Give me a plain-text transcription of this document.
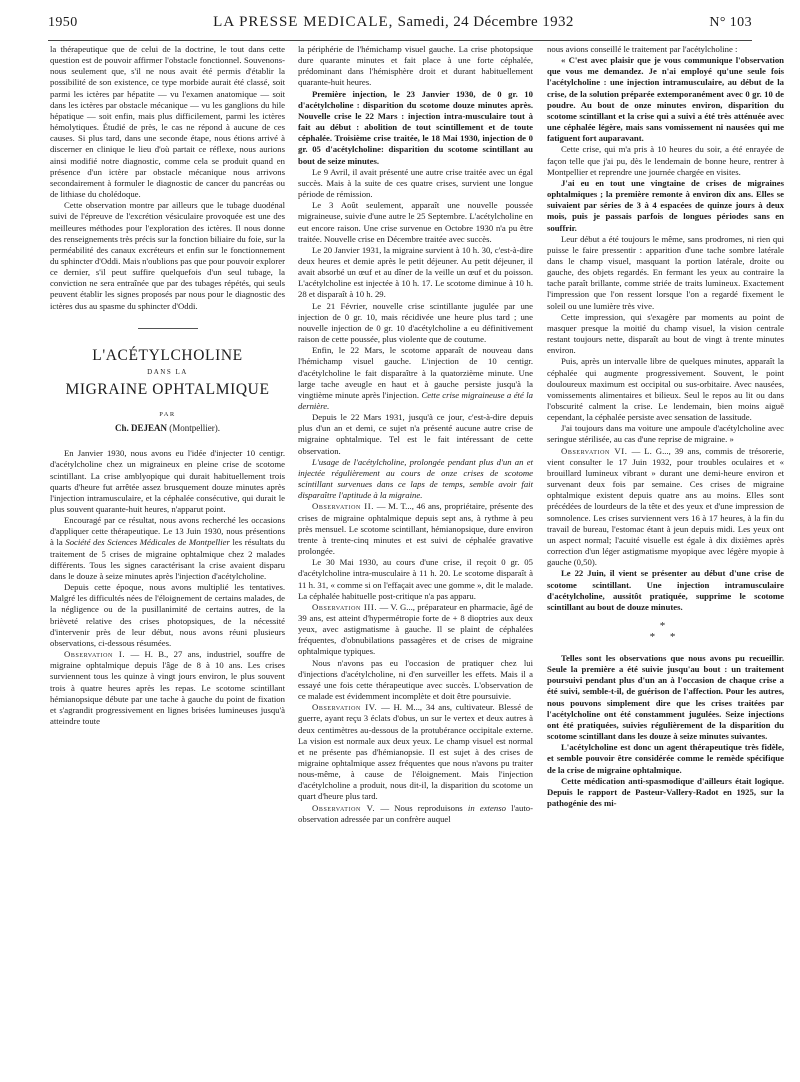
1950	LA PRESSE MEDICALE, Samedi, 24 Décembre 1932	N° 103

la thérapeutique que de celui de la doctrine, le tout dans cette question est de pouvoir affirmer l'obstacle fonctionnel. Souvenons-nous seulement que, s'il ne nous avait été permis d'établir la possibilité de son existence, ce type morbide aurait été classé, soit parmi les ictères par hépatite — vu l'examen anatomique — soit dans les ictères par obstacle mécanique — vu les ganglions du hile hépatique — soit enfin, mais plus difficilement, parmi les ictères hémolytiques. Étudié de près, le cas ne répond à aucune de ces causes. Si plus tard, dans une seconde étape, nous étions arrivé à discerner en clinique le lieu d'où partait ce réflexe, nous aurions ainsi modifié notre diagnostic, comme cela se produit quand en présence d'un ictère par obstacle mécanique nous arrivons secondairement à formuler le diagnostic de cancer du pancréas ou de lithiase du cholédoque.

Cette observation montre par ailleurs que le tubage duodénal suivi de l'épreuve de l'excrétion vésiculaire provoquée est une des meilleures méthodes pour l'exploration des ictères. Il nous donne des renseignements très précis sur la fonction biliaire du foie, sur la perméabilité des canaux excréteurs et enfin sur le fonctionnement du sphincter d'Oddi. Mais n'oublions pas que pour pouvoir explorer ce dernier, s'il peut suffire quelquefois d'un seul tubage, la conviction ne sera entraînée que par des tubages répétés, qui seuls peuvent établir les signes proposés par nous pour le diagnostic des ictères dus au spasme du sphincter d'Oddi.

L'ACÉTYLCHOLINE
DANS LA
MIGRAINE OPHTALMIQUE
PAR
Ch. DEJEAN (Montpellier).

En Janvier 1930, nous avons eu l'idée d'injecter 10 centigr. d'acétylcholine chez un migraineux en pleine crise de scotome scintillant. La crise amblyopique qui durait habituellement trois quarts d'heure fut arrêtée assez brusquement douze minutes après l'injection intramusculaire, et la céphalée consécutive, qui durait le plus souvent quarante-huit heures, n'apparut point.

Encouragé par ce résultat, nous avons recherché les occasions d'appliquer cette thérapeutique. Le 13 Juin 1930, nous présentions à la Société des Sciences Médicales de Montpellier les résultats du traitement de 5 crises de migraine ophtalmique chez 2 malades différents. Tous les signes caractérisant la crise avaient disparu dans le douze à seize minutes après l'injection d'acétylcholine.

Depuis cette époque, nous avons multiplié les tentatives. Malgré les difficultés nées de l'éloignement de certains malades, de la négligence ou de la pusillanimité de certains autres, de la brièveté relative des crises photopsiques, de la nécessité d'intervenir près de leur début, nous avons réuni plusieurs observations, ci-dessous résumées.

Observation I. — H. B., 27 ans, industriel, souffre de migraine ophtalmique depuis l'âge de 8 à 10 ans. Les crises surviennent tous les quinze à vingt jours environ, le plus souvent trois à quatre heures après les repas. Le scotome scintillant hémianopsique débute par une tache à gauche du point de fixation et s'agrandit progressivement en lignes brisées lumineuses jusqu'à atteindre toute

la périphérie de l'hémichamp visuel gauche. La crise photopsique dure quarante minutes et fait place à une forte céphalée, prédominant dans l'hémisphère droit et durant habituellement quarante-huit heures.

Première injection, le 23 Janvier 1930, de 0 gr. 10 d'acétylcholine : disparition du scotome douze minutes après. Nouvelle crise le 22 Mars : injection intra-musculaire tout à fait au début : abolition de tout scintillement et de toute céphalée. Troisième crise traitée, le 18 Mai 1930, injection de 0 gr. 05 d'acétylcholine: disparition du scotome scintillant au bout de seize minutes.

Le 9 Avril, il avait présenté une autre crise traitée avec un égal succès. Mais à la suite de ces quatre crises, survient une longue période de rémission.

Le 3 Août seulement, apparaît une nouvelle poussée migraineuse, suivie d'une autre le 25 Septembre. L'acétylcholine en eut encore raison. Une crise survenue en Octobre 1930 n'a pu être traitée. Nouvelle crise en Décembre traitée avec succès.

Le 20 Janvier 1931, la migraine survient à 10 h. 30, c'est-à-dire deux heures et demie après le petit déjeuner. Au petit déjeuner, il avait absorbé un œuf et au dîner de la veille un œuf et du poisson. L'acétylcholine est injectée à 10 h. 17. Le scotome diminue à 10 h. 28 et disparaît à 10 h. 29.

Le 21 Février, nouvelle crise scintillante jugulée par une injection de 0 gr. 10, mais récidivée une heure plus tard ; une nouvelle injection de 0 gr. 10 d'acétylcholine a eu définitivement raison de cette poussée, plus violente que de coutume.

Enfin, le 22 Mars, le scotome apparaît de nouveau dans l'hémichamp visuel gauche. L'injection de 10 centigr. d'acétylcholine le fait disparaître à la quatorzième minute. Une large tache aveugle en haut et à gauche persiste jusqu'à la vingtième minute après l'injection. Cette crise migraineuse a été la dernière.

Depuis le 22 Mars 1931, jusqu'à ce jour, c'est-à-dire depuis plus d'un an et demi, ce sujet n'a présenté aucune autre crise de migraine ophtalmique. Tel est le fait intéressant de cette observation.

L'usage de l'acétylcholine, prolongée pendant plus d'un an et injectée régulièrement au cours de onze crises de scotome scintillant survenues dans ce laps de temps, semble avoir fait disparaître l'aptitude à la migraine.

Observation II. — M. T..., 46 ans, propriétaire, présente des crises de migraine ophtalmique depuis sept ans, à rythme à peu près mensuel. Le scotome scintillant, hémianopsique, dure environ trente à trente-cinq minutes et est suivi de céphalée gravative prolongée.

Le 30 Mai 1930, au cours d'une crise, il reçoit 0 gr. 05 d'acétylcholine intra-musculaire à 11 h. 20. Le scotome disparaît à 11 h. 31, « comme si on l'effaçait avec une gomme », dit le malade. La céphalée habituelle post-critique n'a pas apparu.

Observation III. — V. G..., préparateur en pharmacie, âgé de 39 ans, est atteint d'hypermétropie forte de + 8 dioptries aux deux yeux, avec astigmatisme à gauche. Il se plaint de céphalées fréquentes, d'obnubilations passagères et de crises de migraine ophtalmique typiques.

Nous n'avons pas eu l'occasion de pratiquer chez lui d'injections d'acétylcholine, ni d'en surveiller les effets. Mais il a essayé une fois cette thérapeutique avec succès. L'observation de ce malade est évidemment incomplète et doit être poursuivie.

Observation IV. — H. M..., 34 ans, cultivateur. Blessé de guerre, ayant reçu 3 éclats d'obus, un sur le vertex et deux autres à deux centimètres au-dessous de la protubérance occipitale externe. La vision est normale aux deux yeux. Le champ visuel est normal et ne présente pas d'hémianopsie. Il est sujet à des crises de migraine ophtalmique assez fréquentes que nous n'avons pu traiter nous-même, à cause de l'éloignement. Mais l'injection d'acétylcholine a produit, nous dit-il, la disparition du scotome un quart d'heure plus tard.

Observation V. — Nous reproduisons in extenso l'auto-observation adressée par un confrère auquel

nous avions conseillé le traitement par l'acétylcholine :

« C'est avec plaisir que je vous communique l'observation que vous me demandez. Je n'ai employé qu'une seule fois l'acétylcholine : une injection intramusculaire, au début de la crise, de la solution préparée extemporanément avec 0 gr. 10 de poudre. Au bout de onze minutes environ, disparition du scotome scintillant et la crise qui a suivi a été très atténuée avec une céphalée légère, mais sans vomissement ni nausées qui me fatiguent fort auparavant.

Cette crise, qui m'a pris à 10 heures du soir, a été enrayée de façon telle que j'ai pu, dès le lendemain de bonne heure, rentrer à Montpellier et reprendre une journée chargée en visites.

J'ai eu en tout une vingtaine de crises de migraines ophtalmiques ; la première remonte à environ dix ans. Elles se suivaient par séries de 3 à 4 espacées de quinze jours à deux mois, puis je passais parfois de longues périodes sans en souffrir.

Leur début a été toujours le même, sans prodromes, ni rien qui puisse le faire pressentir : apparition d'une tache sombre latérale dans le champ visuel, masquant la portion latérale, droite ou gauche, des objets regardés. En fermant les yeux au contraire la tache paraît brillante, comme striée de traits lumineux. Exactement l'impression que l'on ressent lorsque l'on a regardé fixement le soleil ou une lumière très vive.

Cette impression, qui s'exagère par moments au point de masquer presque la moitié du champ visuel, la vision centrale restant toujours nette, disparaît au bout de vingt à trente minutes environ.

Puis, après un intervalle libre de quelques minutes, apparaît la céphalée qui augmente progressivement. Souvent, le point douloureux maximum est occipital ou sus-orbitaire. Avec nausées, vomissements alimentaires et bilieux. Seul le repos au lit ou dans l'obscurité calment la crise. Le lendemain, bien moins aiguë cependant, la céphalée persiste avec sensation de lassitude.

J'ai toujours dans ma voiture une ampoule d'acétylcholine avec seringue stérilisée, au cas d'une reprise de migraine. »

Observation VI. — L. G..., 39 ans, commis de trésorerie, vient consulter le 17 Juin 1932, pour troubles oculaires et « brouillard lumineux vibrant » durant une demi-heure environ et survenant deux fois par semaine. Ces crises de migraine ophtalmique existent depuis quatre ans au moins. Elles sont précédées de lourdeurs de la tête et des yeux et d'une impression de somnolence. Les crises surviennent vers 16 à 17 heures, à la fin du travail de bureau, l'estomac étant à jeun depuis midi. Les yeux ont un aspect normal; l'acuité visuelle est égale à dix dixièmes après correction d'un léger astigmatisme myopique avec légère myopie à gauche (0,50).

Le 22 Juin, il vient se présenter au début d'une crise de scotome scintillant. Une injection intramusculaire d'acétylcholine, aussitôt pratiquée, supprime le scotome scintillant au bout de douze minutes.

*
* *

Telles sont les observations que nous avons pu recueillir. Seule la première a été suivie jusqu'au bout : un traitement poursuivi pendant plus d'un an à l'occasion de chaque crise a été suivi, semble-t-il, de guérison de l'affection. Pour les autres, nous pouvons simplement dire que les crises traitées par l'acétylcholine ont été constamment jugulées. Seize injections ont été pratiquées, suivies régulièrement de la disparition du scotome scintillant dans les douze à seize minutes suivantes.

L'acétylcholine est donc un agent thérapeutique très fidèle, et semble pouvoir être considérée comme le remède spécifique de la crise de migraine ophtalmique.

Cette médication anti-spasmodique d'ailleurs était logique. Depuis le rapport de Pasteur-Vallery-Radot en 1925, sur la pathogénie des mi-
